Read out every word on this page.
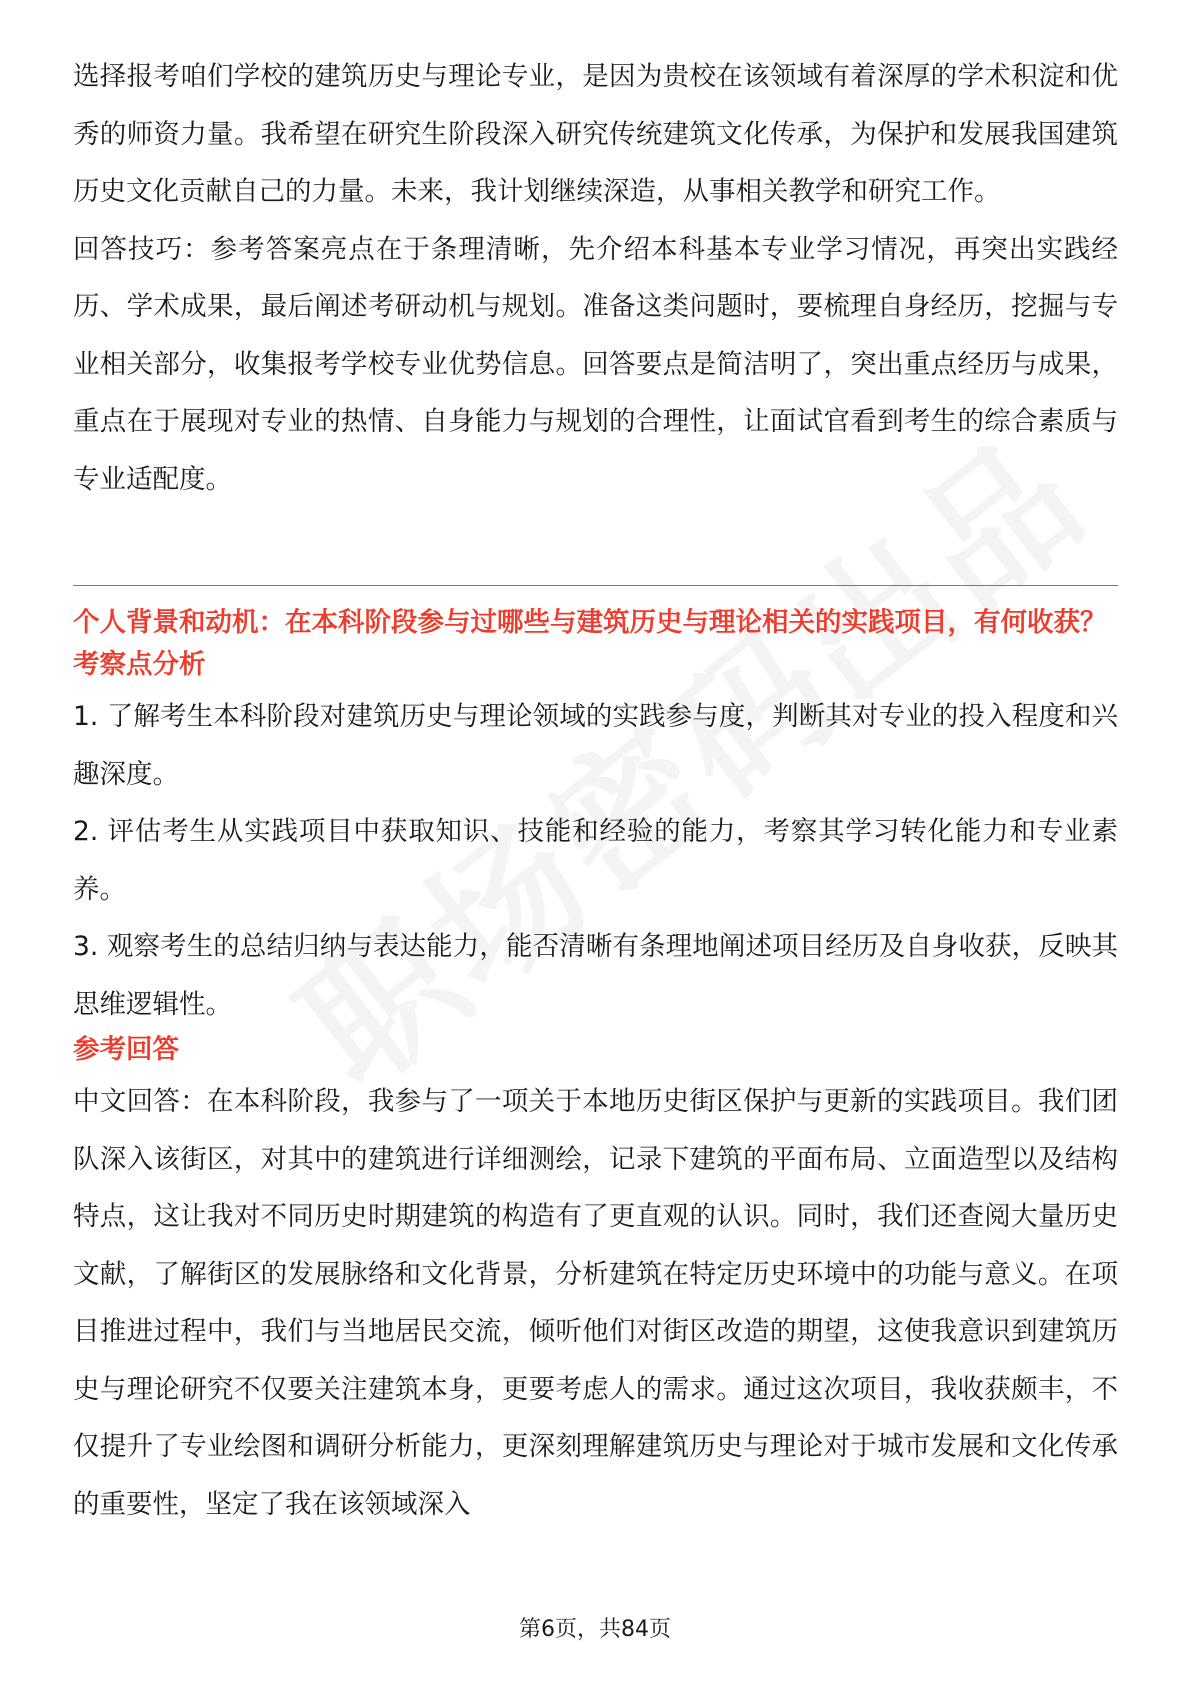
选择报考咱们学校的建筑历史与理论专业，是因为贵校在该领域有着深厚的学术积淀和优秀的师资力量。我希望在研究生阶段深入研究传统建筑文化传承，为保护和发展我国建筑历史文化贡献自己的力量。未来，我计划继续深造，从事相关教学和研究工作。

回答技巧：参考答案亮点在于条理清晰，先介绍本科基本专业学习情况，再突出实践经历、学术成果，最后阐述考研动机与规划。准备这类问题时，要梳理自身经历，挖掘与专业相关部分，收集报考学校专业优势信息。回答要点是简洁明了，突出重点经历与成果，重点在于展现对专业的热情、自身能力与规划的合理性，让面试官看到考生的综合素质与专业适配度。

个人背景和动机：在本科阶段参与过哪些与建筑历史与理论相关的实践项目，有何收获？

考察点分析

1. 了解考生本科阶段对建筑历史与理论领域的实践参与度，判断其对专业的投入程度和兴趣深度。

2. 评估考生从实践项目中获取知识、技能和经验的能力，考察其学习转化能力和专业素养。

3. 观察考生的总结归纳与表达能力，能否清晰有条理地阐述项目经历及自身收获，反映其思维逻辑性。

参考回答

中文回答：在本科阶段，我参与了一项关于本地历史街区保护与更新的实践项目。我们团队深入该街区，对其中的建筑进行详细测绘，记录下建筑的平面布局、立面造型以及结构特点，这让我对不同历史时期建筑的构造有了更直观的认识。同时，我们还查阅大量历史文献，了解街区的发展脉络和文化背景，分析建筑在特定历史环境中的功能与意义。在项目推进过程中，我们与当地居民交流，倾听他们对街区改造的期望，这使我意识到建筑历史与理论研究不仅要关注建筑本身，更要考虑人的需求。通过这次项目，我收获颇丰，不仅提升了专业绘图和调研分析能力，更深刻理解建筑历史与理论对于城市发展和文化传承的重要性，坚定了我在该领域深入

第6页，共84页
